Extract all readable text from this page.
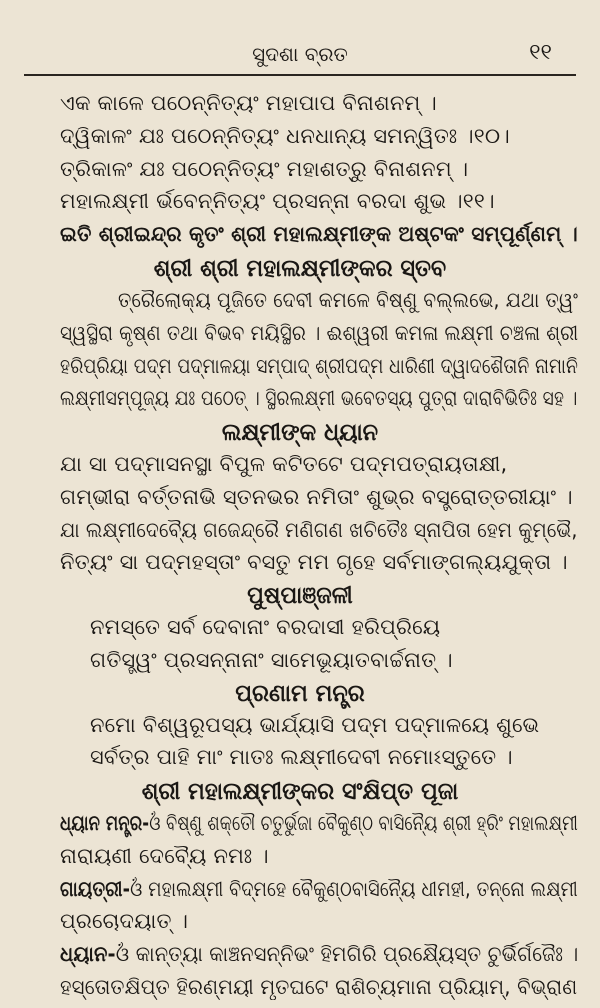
ସୁଦଶା ବ୍ରତ	୧୧
ଏକ କାଳେ ପଠେନ୍ନିତ୍ୟଂ ମହାପାପ ବିନାଶନମ୍ ।
ଦ୍ୱିକାଳଂ ଯଃ ପଠେନ୍ନିତ୍ୟଂ ଧନଧାନ୍ୟ ସମନ୍ୱିତଃ ।୧୦।
ତ୍ରିକାଳଂ ଯଃ ପଠେନ୍ନିତ୍ୟଂ ମହାଶତ୍ରୁ ବିନାଶନମ୍ ।
ମହାଲକ୍ଷ୍ମୀ ର୍ଭବେନ୍ନିତ୍ୟଂ ପ୍ରସନ୍ନା ବରଦା ଶୁଭ ।୧୧।
ଇତି ଶ୍ରୀଇନ୍ଦ୍ର କୃତଂ ଶ୍ରୀ ମହାଲକ୍ଷ୍ମୀଙ୍କ ଅଷ୍ଟକଂ ସମ୍ପୂର୍ଣ୍ଣମ୍ ।
ଶ୍ରୀ ଶ୍ରୀ ମହାଲକ୍ଷ୍ମୀଙ୍କର ସ୍ତବ
ତ୍ରୈଲୋକ୍ୟ ପୂଜିତେ ଦେବୀ କମଳେ ବିଷ୍ଣୁ ବଲ୍ଲଭେ, ଯଥା ତ୍ୱଂ
ସ୍ୱସ୍ଥିରା କୃଷ୍ଣ ତଥା ବିଭବ ମୟିସ୍ଥିର । ଈଶ୍ୱରୀ କମଳା ଲକ୍ଷ୍ମୀ ଚଞ୍ଚଳା ଶ୍ରୀ
ହରିପ୍ରିୟା ପଦ୍ମ ପଦ୍ମାଳୟା ସମ୍ପାଦ୍ ଶ୍ରୀପଦ୍ମ ଧାରିଣୀ ଦ୍ୱାଦଶୈତାନି ନାମାନି
ଲକ୍ଷ୍ମୀସମ୍ପୂଜ୍ୟ ଯଃ ପଠେତ୍ । ସ୍ଥିରଲକ୍ଷ୍ମୀ ଭବେତସ୍ୟ ପୁତ୍ରା ଦାରାବିଭିତିଃ ସହ ।
ଲକ୍ଷ୍ମୀଙ୍କ ଧ୍ୟାନ
ଯା ସା ପଦ୍ମାସନସ୍ଥା ବିପୁଳ କଟିତଟେ ପଦ୍ମପତ୍ରାୟତାକ୍ଷୀ,
ଗମ୍ଭୀରା ବର୍ତ୍ତନାଭି ସ୍ତନଭର ନମିତାଂ ଶୁଭ୍ର ବସ୍ତ୍ରୋତ୍ତରୀୟାଂ ।
ଯା ଲକ୍ଷ୍ମୀଦେବ୍ୟୈ ଗଜେନ୍ଦ୍ରୈ ମଣିଗଣ ଖଚିତୈଃ ସ୍ନାପିତା ହେମ କୁମ୍ଭୈ,
ନିତ୍ୟଂ ସା ପଦ୍ମହସ୍ତାଂ ବସତୁ ମମ ଗୃହେ ସର୍ବମାଙ୍ଗଲ୍ୟଯୁକ୍ତା ।
ପୁଷ୍ପାଞ୍ଜଳୀ
ନମସ୍ତେ ସର୍ବ ଦେବାନାଂ ବରଦାସୀ ହରିପ୍ରିୟେ
ଗତିସ୍ତ୍ୱଂ ପ୍ରସନ୍ନାନାଂ ସାମେଭୂୟାତବାର୍ଚ୍ଚନାତ୍ ।
ପ୍ରଣାମ ମନ୍ତ୍ର
ନମୋ ବିଶ୍ୱରୂପସ୍ୟ ଭାର୍ଯ୍ୟାସି ପଦ୍ମ ପଦ୍ମାଳୟେ ଶୁଭେ
ସର୍ବତ୍ର ପାହି ମାଂ ମାତଃ ଲକ୍ଷ୍ମୀଦେବୀ ନମୋଽସ୍ତୁତେ ।
ଶ୍ରୀ ମହାଲକ୍ଷ୍ମୀଙ୍କର ସଂକ୍ଷିପ୍ତ ପୂଜା
ଧ୍ୟାନ ମନ୍ତ୍ର-ଓଁ ବିଷ୍ଣୁ ଶକ୍ତୌ ଚତୁର୍ଭୁଜା ବୈକୁଣ୍ଠ ବାସିନ୍ୟୈ ଶ୍ରୀ ହ୍ରିଂ ମହାଲକ୍ଷ୍ମୀ
ନାରାୟଣୀ ଦେବ୍ୟୈ ନମଃ ।
ଗାୟତ୍ରୀ-ଓଁ ମହାଲକ୍ଷ୍ମୀ ବିଦ୍ମହେ ବୈକୁଣ୍ଠବାସିନ୍ୟୈ ଧୀମହୀ, ତନ୍ନୋ ଲକ୍ଷ୍ମୀ
ପ୍ରଚୋଦୟାତ୍ ।
ଧ୍ୟାନ-ଓଁ କାନ୍ତ୍ୟା କାଞ୍ଚନସନ୍ନିଭଂ ହିମଗିରି ପ୍ରକ୍ଷ୍ୟୈସ୍ତ ଚୁର୍ଭିର୍ଗଜୈଃ ।
ହସ୍ତୋତକ୍ଷିପ୍ତ ହିରଣ୍ମୟୀ ମୃତଘଟେ ରାଶିଚ୍ୟମାନା ପ୍ରିୟାମ୍, ବିଭ୍ରାଣ
